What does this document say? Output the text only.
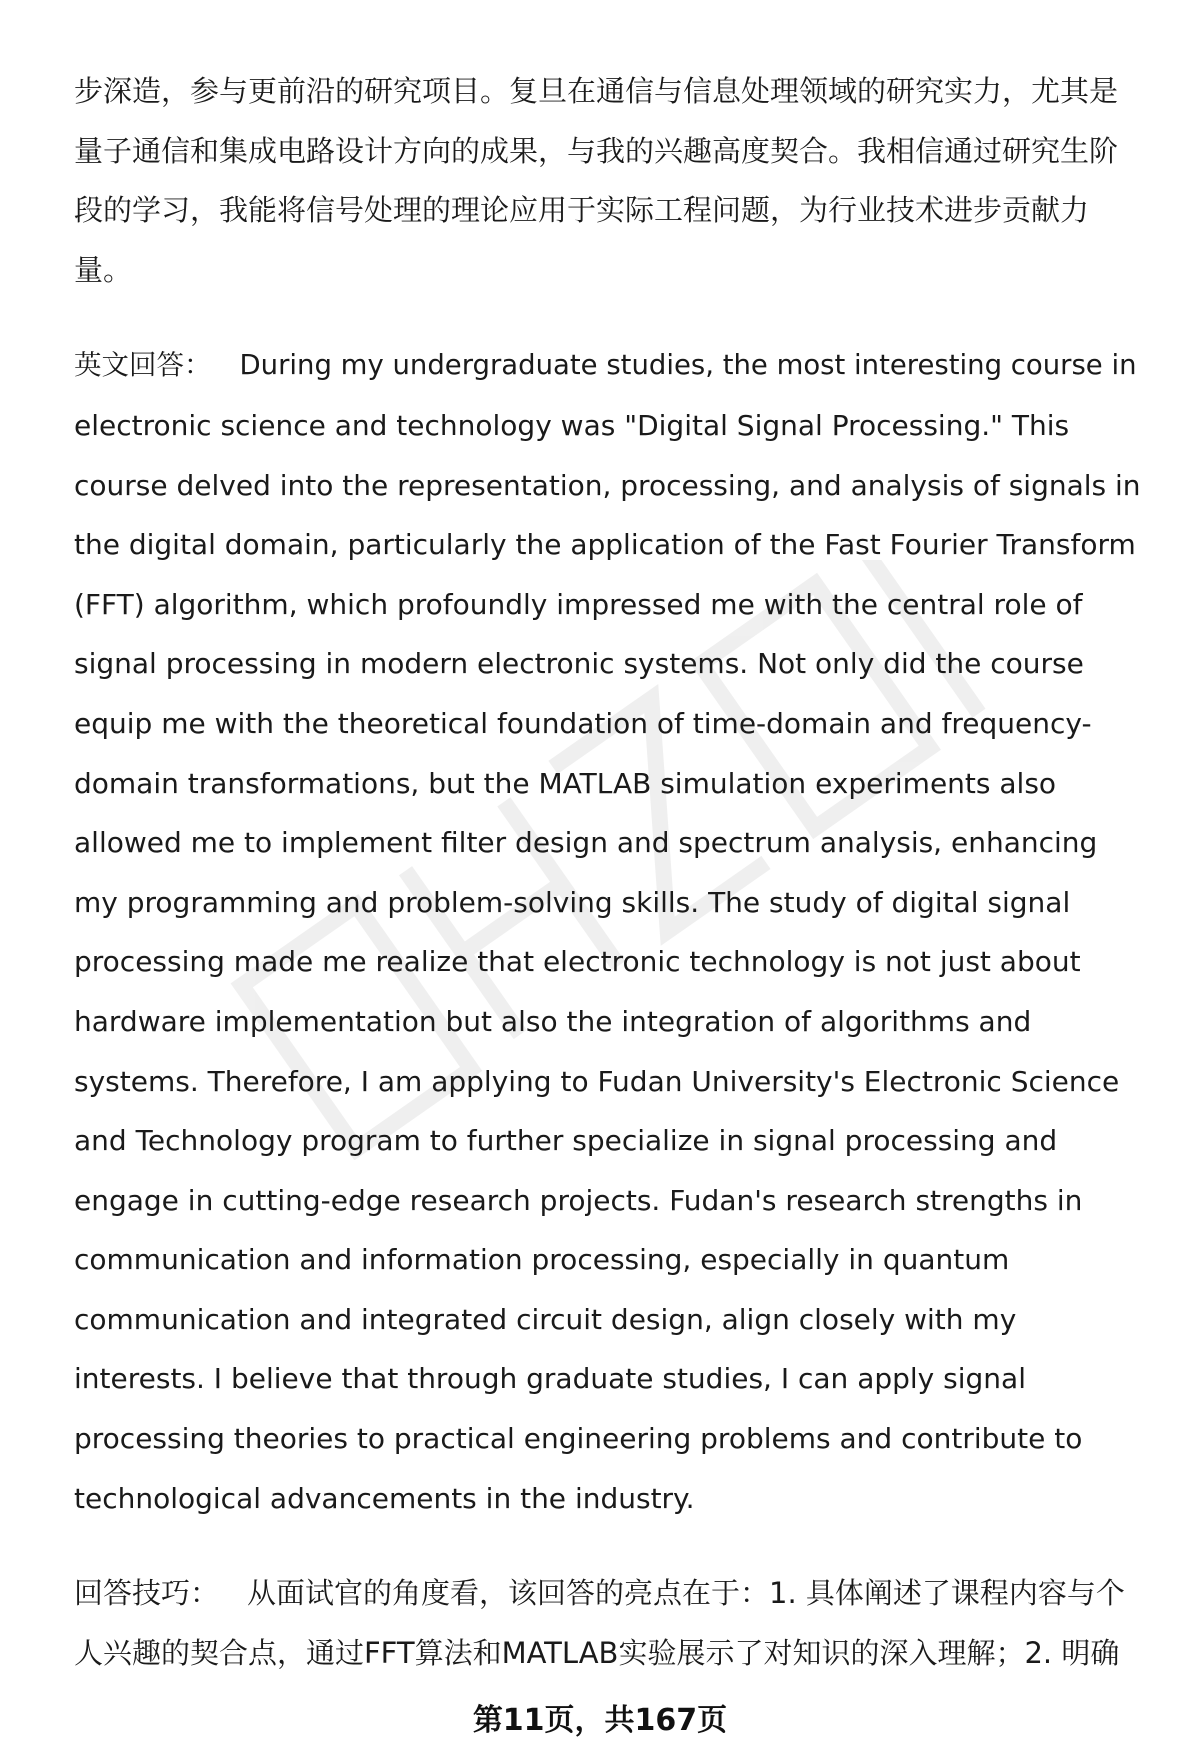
步深造，参与更前沿的研究项目。复旦在通信与信息处理领域的研究实力，尤其是
量子通信和集成电路设计方向的成果，与我的兴趣高度契合。我相信通过研究生阶
段的学习，我能将信号处理的理论应用于实际工程问题，为行业技术进步贡献力
量。

英文回答： During my undergraduate studies, the most interesting course in
electronic science and technology was "Digital Signal Processing." This
course delved into the representation, processing, and analysis of signals in
the digital domain, particularly the application of the Fast Fourier Transform
(FFT) algorithm, which profoundly impressed me with the central role of
signal processing in modern electronic systems. Not only did the course
equip me with the theoretical foundation of time-domain and frequency-
domain transformations, but the MATLAB simulation experiments also
allowed me to implement filter design and spectrum analysis, enhancing
my programming and problem-solving skills. The study of digital signal
processing made me realize that electronic technology is not just about
hardware implementation but also the integration of algorithms and
systems. Therefore, I am applying to Fudan University's Electronic Science
and Technology program to further specialize in signal processing and
engage in cutting-edge research projects. Fudan's research strengths in
communication and information processing, especially in quantum
communication and integrated circuit design, align closely with my
interests. I believe that through graduate studies, I can apply signal
processing theories to practical engineering problems and contribute to
technological advancements in the industry.

回答技巧： 从面试官的角度看，该回答的亮点在于：1. 具体阐述了课程内容与个
人兴趣的契合点，通过FFT算法和MATLAB实验展示了对知识的深入理解；2. 明确

第11页，共167页
